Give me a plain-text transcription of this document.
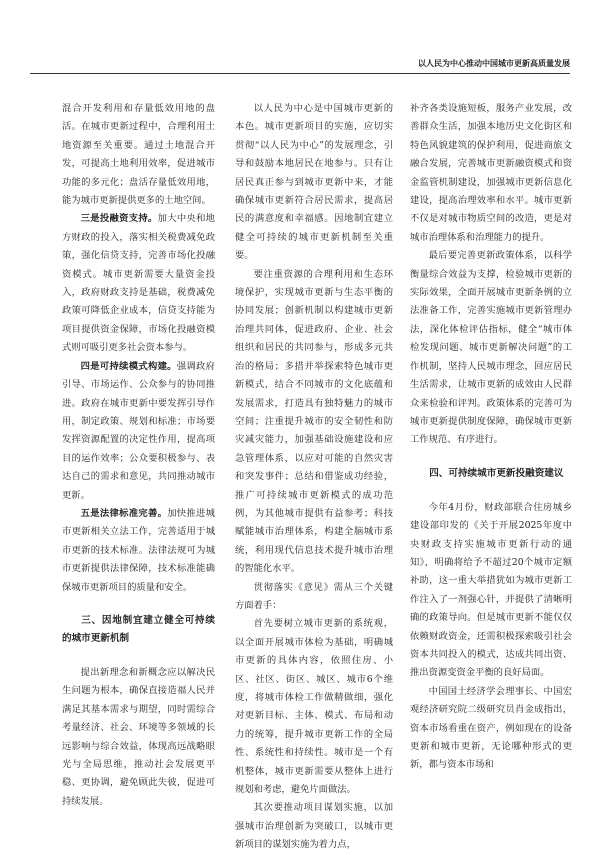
以人民为中心推动中国城市更新高质量发展

混合开发利用和存量低效用地的盘活。在城市更新过程中，合理利用土地资源至关重要。通过土地混合开发，可提高土地利用效率，促进城市功能的多元化；盘活存量低效用地，能为城市更新提供更多的土地空间。

三是投融资支持。加大中央和地方财政的投入，落实相关税费减免政策，强化信贷支持，完善市场化投融资模式。城市更新需要大量资金投入，政府财政支持是基础，税费减免政策可降低企业成本，信贷支持能为项目提供资金保障，市场化投融资模式则可吸引更多社会资本参与。

四是可持续模式构建。强调政府引导、市场运作、公众参与的协同推进。政府在城市更新中要发挥引导作用，制定政策、规划和标准；市场要发挥资源配置的决定性作用，提高项目的运作效率；公众要积极参与、表达自己的需求和意见，共同推动城市更新。

五是法律标准完善。加快推进城市更新相关立法工作，完善适用于城市更新的技术标准。法律法规可为城市更新提供法律保障，技术标准能确保城市更新项目的质量和安全。

三、因地制宜建立健全可持续的城市更新机制

提出新理念和新概念应以解决民生问题为根本，确保直接造福人民并满足其基本需求与期望，同时需综合考量经济、社会、环境等多领域的长远影响与综合效益，体现高远战略眼光与全局思维，推动社会发展更平稳、更协调，避免顾此失彼，促进可持续发展。

以人民为中心是中国城市更新的本色。城市更新项目的实施，应切实贯彻“以人民为中心”的发展理念，引导和鼓励本地居民在地参与。只有让居民真正参与到城市更新中来，才能确保城市更新符合居民需求，提高居民的满意度和幸福感。因地制宜建立健全可持续的城市更新机制至关重要。

要注重资源的合理利用和生态环境保护，实现城市更新与生态平衡的协同发展；创新机制以构建城市更新治理共同体，促进政府、企业、社会组织和居民的共同参与，形成多元共治的格局；多措并举探索特色城市更新模式，结合不同城市的文化底蕴和发展需求，打造具有独特魅力的城市空间；注重提升城市的安全韧性和防灾减灾能力，加强基础设施建设和应急管理体系，以应对可能的自然灾害和突发事件；总结和借鉴成功经验，推广可持续城市更新模式的成功范例，为其他城市提供有益参考；科技赋能城市治理体系，构建全脑城市系统，利用现代信息技术提升城市治理的智能化水平。

贯彻落实《意见》需从三个关键方面着手：

首先要树立城市更新的系统观，以全面开展城市体检为基础，明确城市更新的具体内容，依照住房、小区、社区、街区、城区、城市6个维度，将城市体检工作做精做细，强化对更新目标、主体、模式、布局和动力的统筹，提升城市更新工作的全局性、系统性和持续性。城市是一个有机整体，城市更新需要从整体上进行规划和考虑，避免片面做法。

其次要推动项目谋划实施，以加强城市治理创新为突破口，以城市更新项目的谋划实施为着力点，

补齐各类设施短板，服务产业发展，改善群众生活，加强本地历史文化街区和特色风貌建筑的保护利用，促进商旅文融合发展，完善城市更新融资模式和资金监管机制建设，加强城市更新信息化建设，提高治理效率和水平。城市更新不仅是对城市物质空间的改造，更是对城市治理体系和治理能力的提升。

最后要完善更新政策体系，以科学衡量综合效益为支撑，检验城市更新的实际效果，全面开展城市更新条例的立法准备工作，完善实施城市更新管理办法，深化体检评估指标，健全“城市体检发现问题、城市更新解决问题”的工作机制，坚持人民城市理念，回应居民生活需求，让城市更新的成效由人民群众来检验和评判。政策体系的完善可为城市更新提供制度保障，确保城市更新工作规范、有序进行。

四、可持续城市更新投融资建议

今年4月份，财政部联合住房城乡建设部印发的《关于开展2025年度中央财政支持实施城市更新行动的通知》，明确将给予不超过20个城市定额补助，这一重大举措犹如为城市更新工作注入了一剂强心针，并提供了清晰明确的政策导向。但是城市更新不能仅仅依赖财政资金，还需积极探索吸引社会资本共同投入的模式，达成共同出资、推出资源变资金平衡的良好局面。

中国国土经济学会理事长、中国宏观经济研究院二级研究员肖金成指出，资本市场看重在资产，例如现在的设备更新和城市更新，无论哪种形式的更新，都与资本市场和
